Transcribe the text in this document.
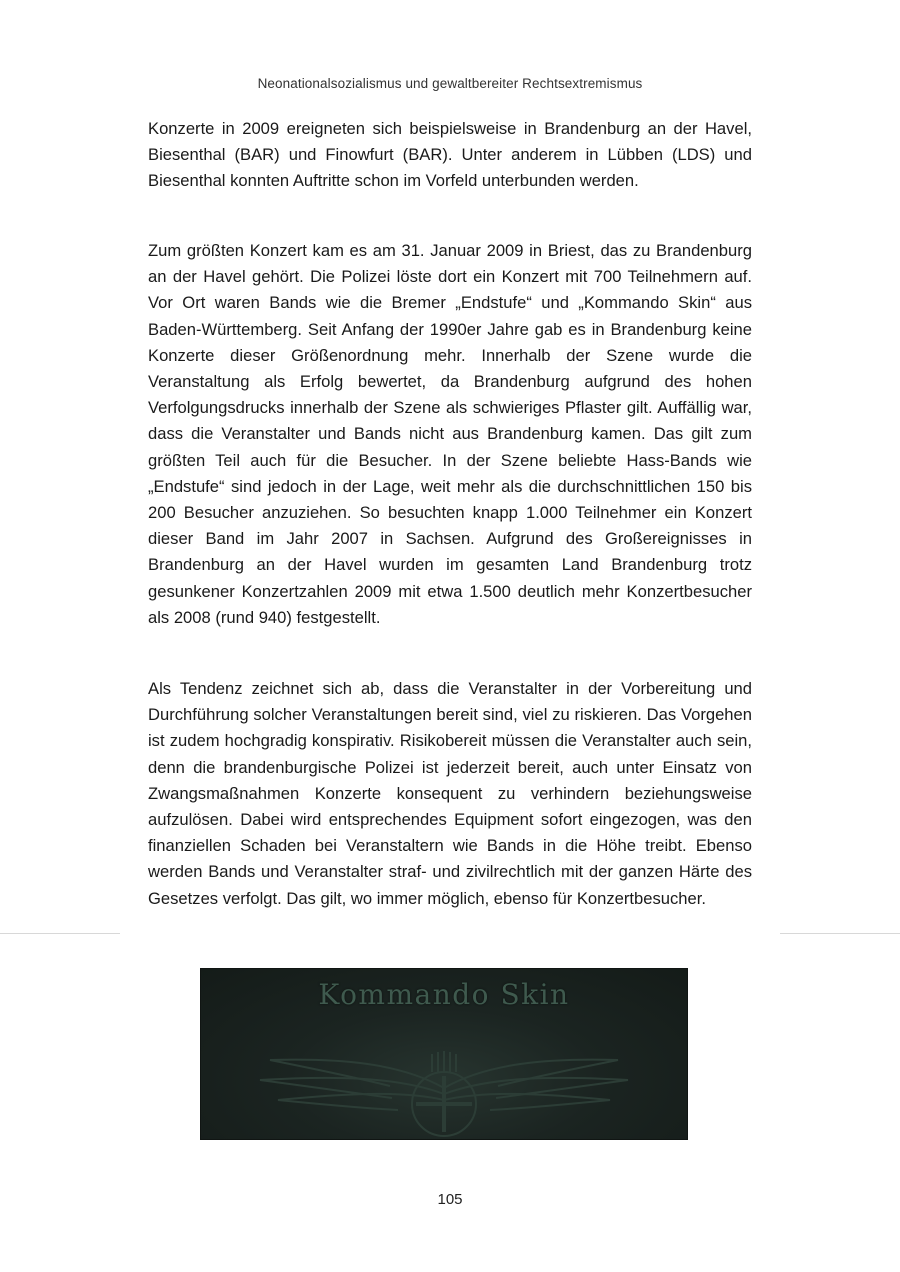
Neonationalsozialismus und gewaltbereiter Rechtsextremismus
Konzerte in 2009 ereigneten sich beispielsweise in Brandenburg an der Havel, Biesenthal (BAR) und Finowfurt (BAR). Unter anderem in Lübben (LDS) und Biesenthal konnten Auftritte schon im Vorfeld unterbunden werden.
Zum größten Konzert kam es am 31. Januar 2009 in Briest, das zu Brandenburg an der Havel gehört. Die Polizei löste dort ein Konzert mit 700 Teilnehmern auf. Vor Ort waren Bands wie die Bremer „Endstufe“ und „Kommando Skin“ aus Baden-Württemberg. Seit Anfang der 1990er Jahre gab es in Brandenburg keine Konzerte dieser Größenordnung mehr. Innerhalb der Szene wurde die Veranstaltung als Erfolg bewertet, da Brandenburg aufgrund des hohen Verfolgungsdrucks innerhalb der Szene als schwieriges Pflaster gilt. Auffällig war, dass die Veranstalter und Bands nicht aus Brandenburg kamen. Das gilt zum größten Teil auch für die Besucher. In der Szene beliebte Hass-Bands wie „Endstufe“ sind jedoch in der Lage, weit mehr als die durchschnittlichen 150 bis 200 Besucher anzuziehen. So besuchten knapp 1.000 Teilnehmer ein Konzert dieser Band im Jahr 2007 in Sachsen. Aufgrund des Großereignisses in Brandenburg an der Havel wurden im gesamten Land Brandenburg trotz gesunkener Konzertzahlen 2009 mit etwa 1.500 deutlich mehr Konzertbesucher als 2008 (rund 940) festgestellt.
Als Tendenz zeichnet sich ab, dass die Veranstalter in der Vorbereitung und Durchführung solcher Veranstaltungen bereit sind, viel zu riskieren. Das Vorgehen ist zudem hochgradig konspirativ. Risikobereit müssen die Veranstalter auch sein, denn die brandenburgische Polizei ist jederzeit bereit, auch unter Einsatz von Zwangsmaßnahmen Konzerte konsequent zu verhindern beziehungsweise aufzulösen. Dabei wird entsprechendes Equipment sofort eingezogen, was den finanziellen Schaden bei Veranstaltern wie Bands in die Höhe treibt. Ebenso werden Bands und Veranstalter straf- und zivilrechtlich mit der ganzen Härte des Gesetzes verfolgt. Das gilt, wo immer möglich, ebenso für Konzertbesucher.
Kommando Skin
105
